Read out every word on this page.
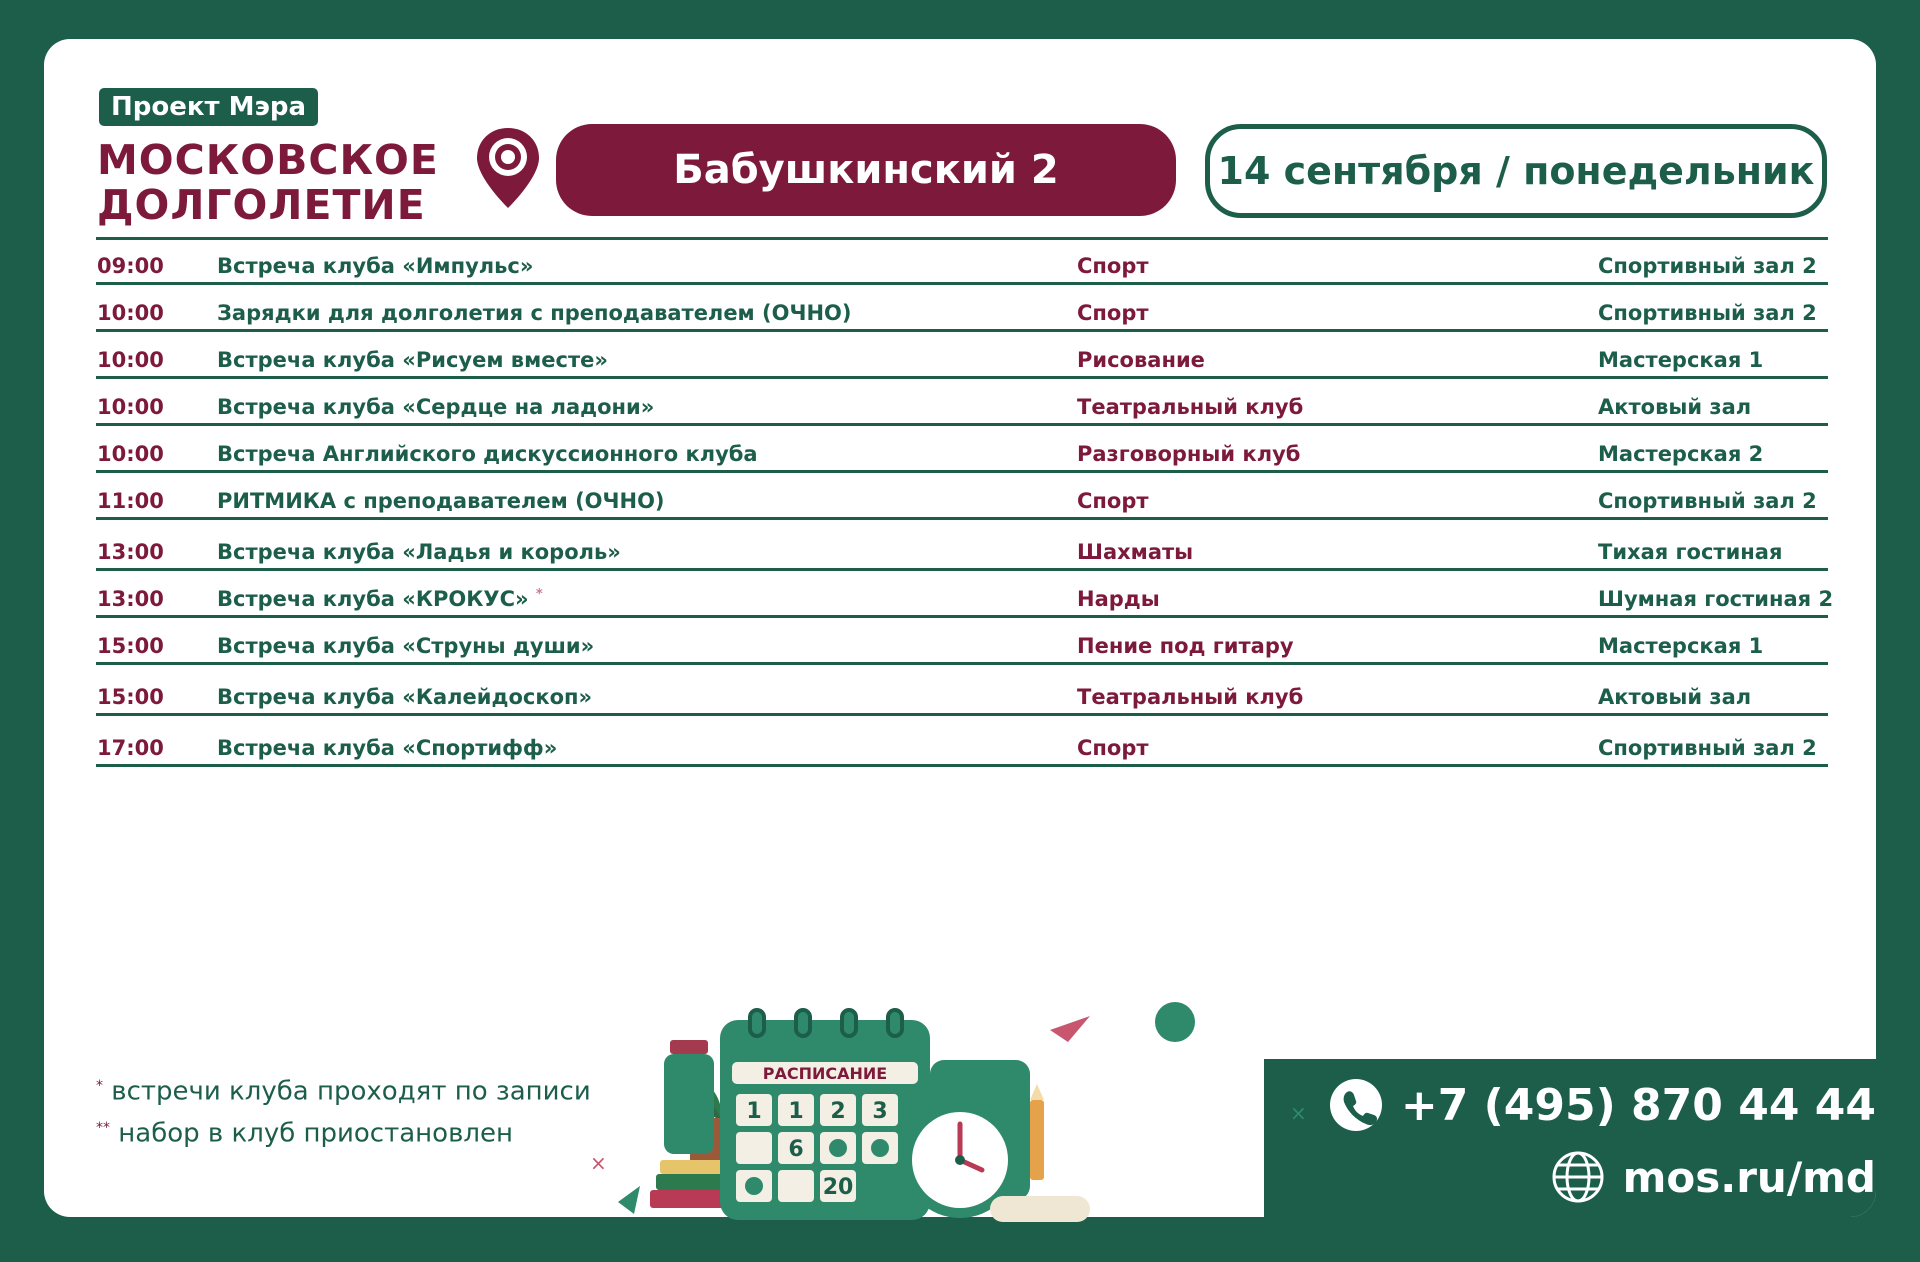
Проект Мэра
МОСКОВСКОЕ
ДОЛГОЛЕТИЕ
Бабушкинский 2	14 сентября / понедельник
09:00	Встреча клуба «Импульс»	Спорт	Спортивный зал 2
10:00	Зарядки для долголетия с преподавателем (ОЧНО)	Спорт	Спортивный зал 2
10:00	Встреча клуба «Рисуем вместе»	Рисование	Мастерская 1
10:00	Встреча клуба «Сердце на ладони»	Театральный клуб	Актовый зал
10:00	Встреча Английского дискуссионного клуба	Разговорный клуб	Мастерская 2
11:00	РИТМИКА с преподавателем (ОЧНО)	Спорт	Спортивный зал 2
13:00	Встреча клуба «Ладья и король»	Шахматы	Тихая гостиная
13:00	Встреча клуба «КРОКУС» *	Нарды	Шумная гостиная 2
15:00	Встреча клуба «Струны души»	Пение под гитару	Мастерская 1
15:00	Встреча клуба «Калейдоскоп»	Театральный клуб	Актовый зал
17:00	Встреча клуба «Спортифф»	Спорт	Спортивный зал 2
* встречи клуба проходят по записи
** набор в клуб приостановлен
РАСПИСАНИЕ
1 1 2 3
6
20
×
× +7 (495) 870 44 44
mos.ru/md
